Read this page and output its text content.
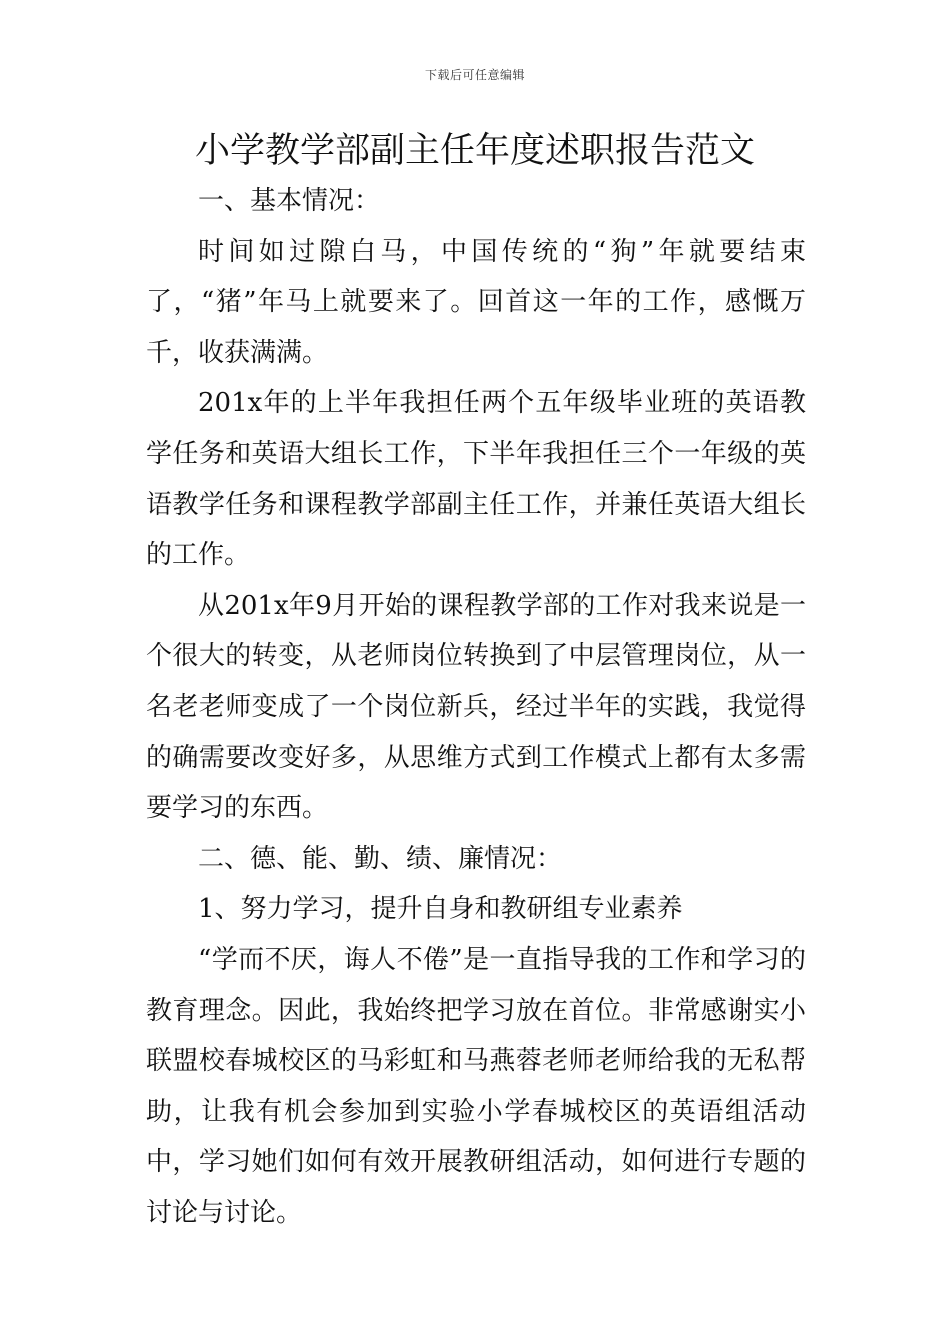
下载后可任意编辑
小学教学部副主任年度述职报告范文

一、基本情况：

时间如过隙白马，中国传统的“狗”年就要结束了，“猪”年马上就要来了。回首这一年的工作，感慨万千，收获满满。

201x年的上半年我担任两个五年级毕业班的英语教学任务和英语大组长工作，下半年我担任三个一年级的英语教学任务和课程教学部副主任工作，并兼任英语大组长的工作。

从201x年9月开始的课程教学部的工作对我来说是一个很大的转变，从老师岗位转换到了中层管理岗位，从一名老老师变成了一个岗位新兵，经过半年的实践，我觉得的确需要改变好多，从思维方式到工作模式上都有太多需要学习的东西。

二、德、能、勤、绩、廉情况：

1、努力学习，提升自身和教研组专业素养

“学而不厌，诲人不倦”是一直指导我的工作和学习的教育理念。因此，我始终把学习放在首位。非常感谢实小联盟校春城校区的马彩虹和马燕蓉老师老师给我的无私帮助，让我有机会参加到实验小学春城校区的英语组活动中，学习她们如何有效开展教研组活动，如何进行专题的讨论与讨论。
